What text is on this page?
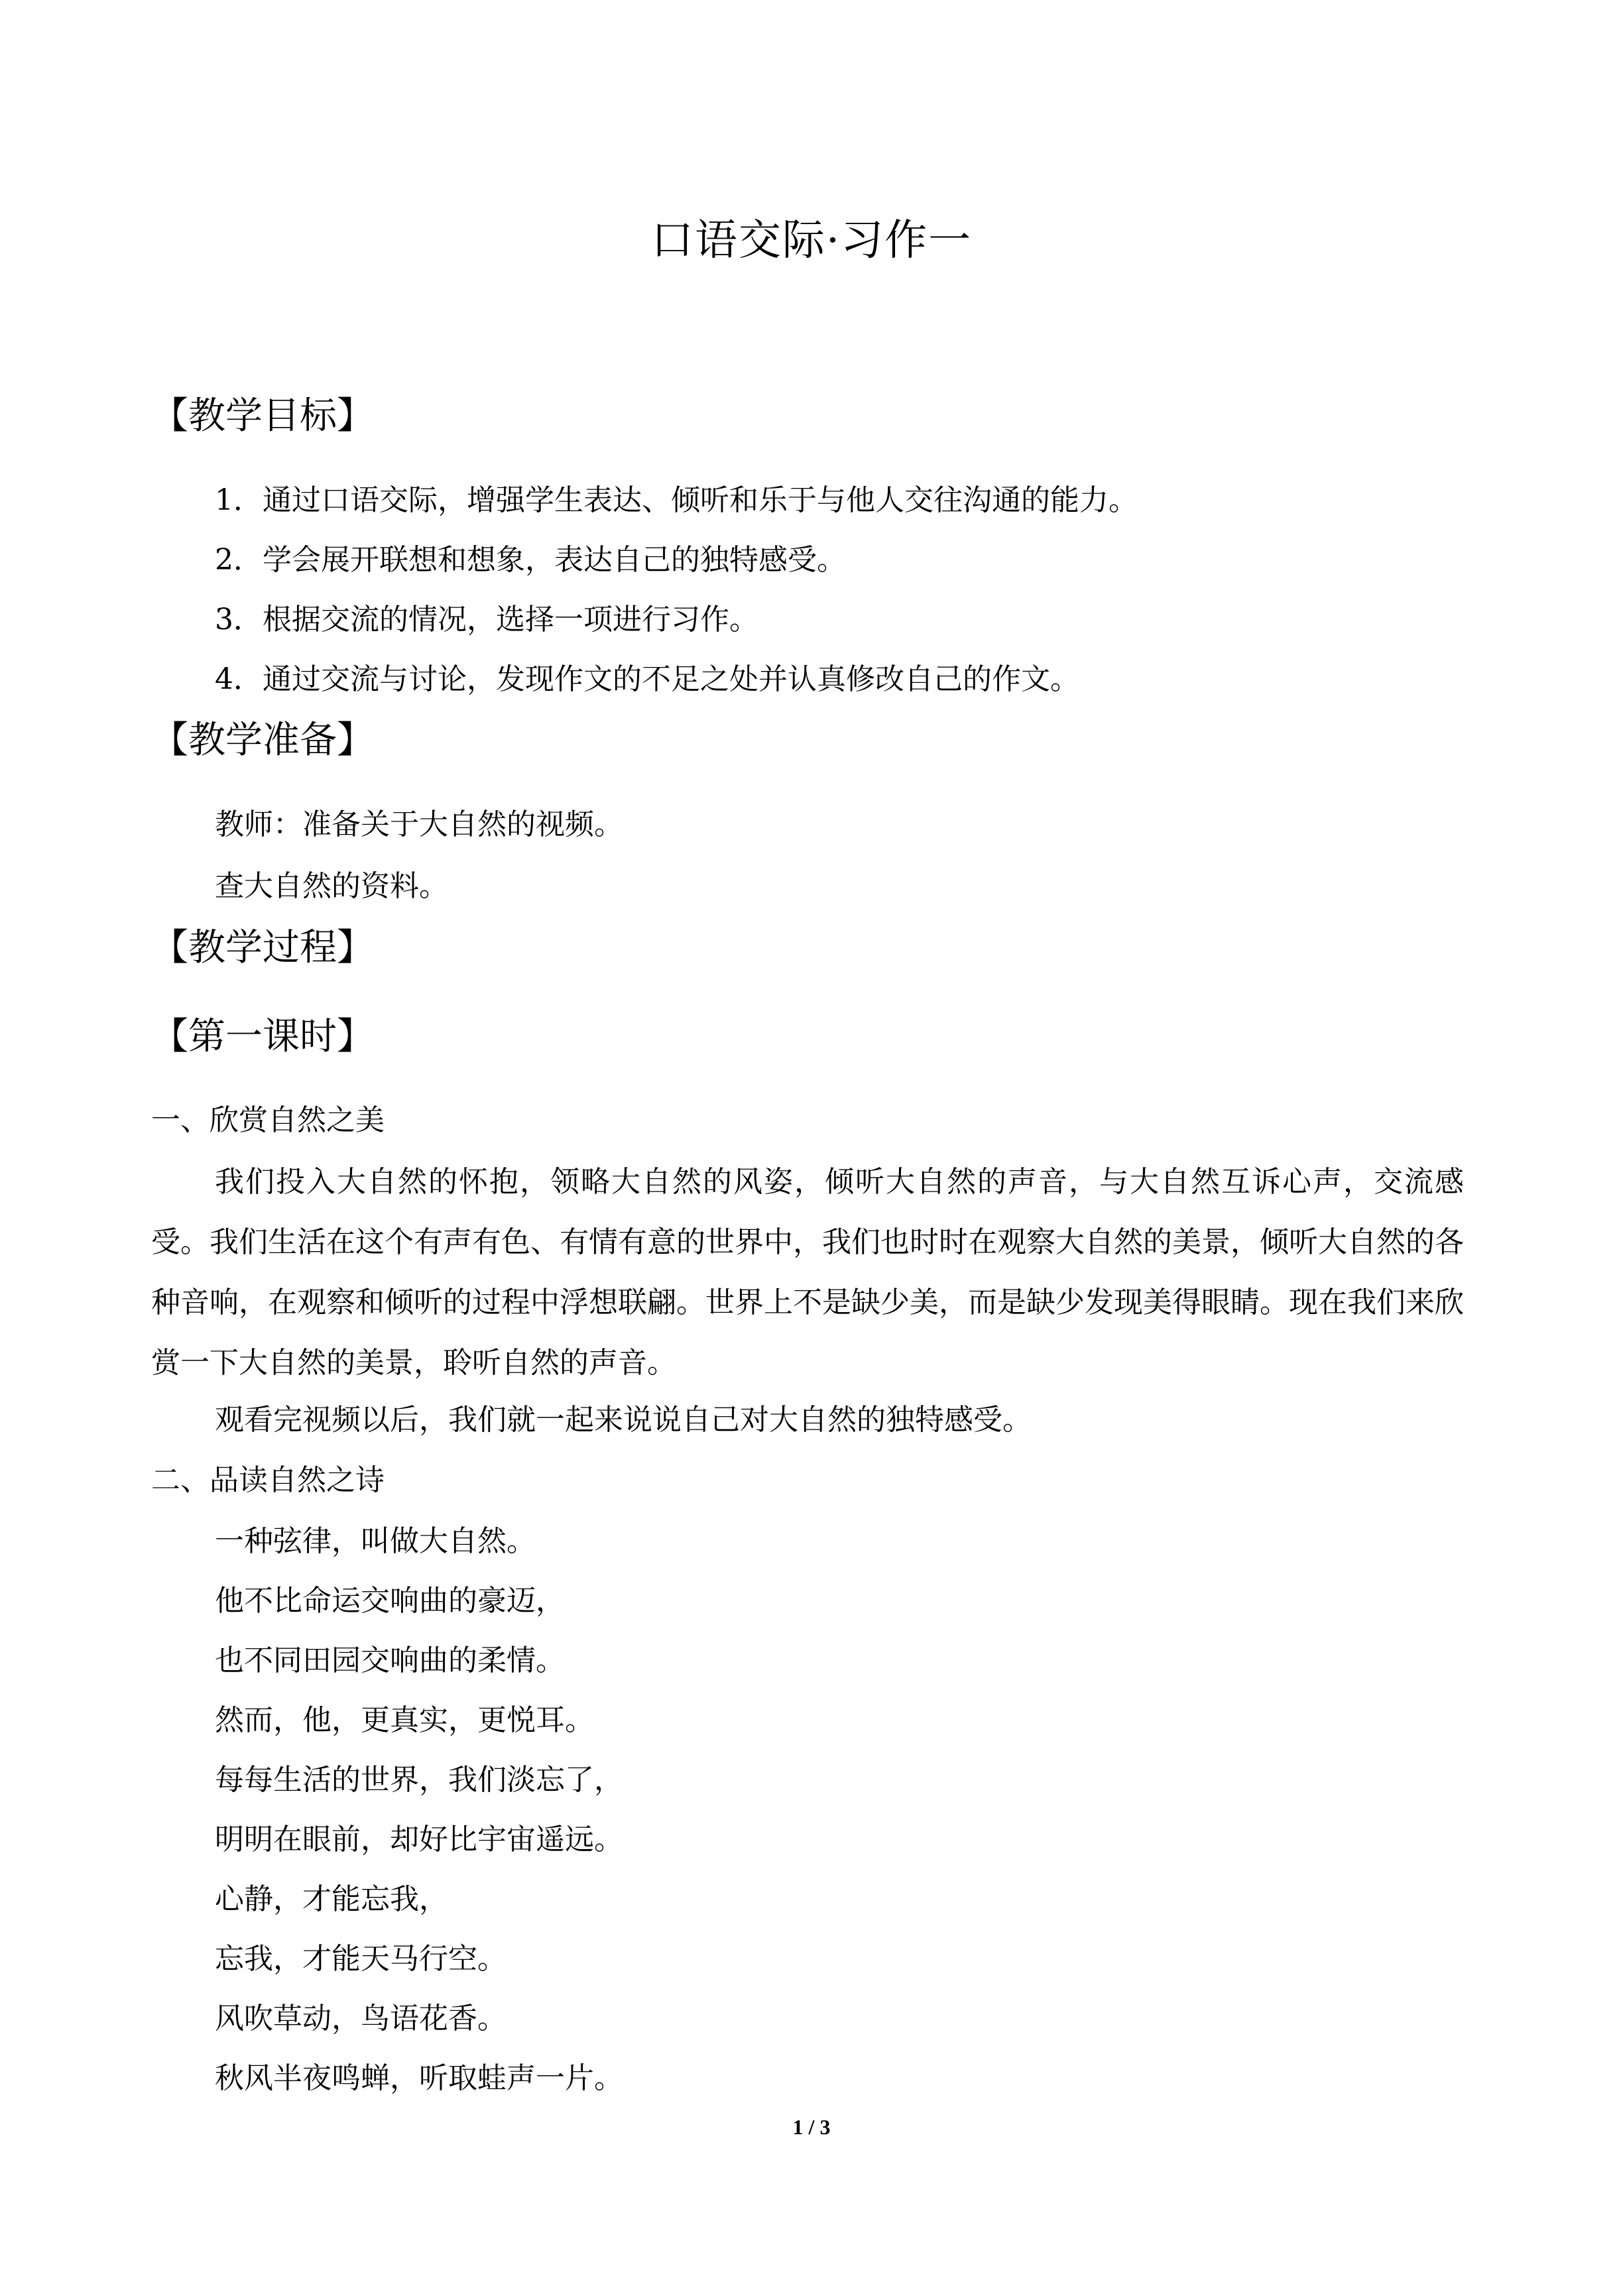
口语交际·习作一
【教学目标】
1．通过口语交际，增强学生表达、倾听和乐于与他人交往沟通的能力。
2．学会展开联想和想象，表达自己的独特感受。
3．根据交流的情况，选择一项进行习作。
4．通过交流与讨论，发现作文的不足之处并认真修改自己的作文。
【教学准备】
教师：准备关于大自然的视频。
查大自然的资料。
【教学过程】
【第一课时】
一、欣赏自然之美
我们投入大自然的怀抱，领略大自然的风姿，倾听大自然的声音，与大自然互诉心声，交流感受。我们生活在这个有声有色、有情有意的世界中，我们也时时在观察大自然的美景，倾听大自然的各种音响，在观察和倾听的过程中浮想联翩。世界上不是缺少美，而是缺少发现美得眼睛。现在我们来欣赏一下大自然的美景，聆听自然的声音。
观看完视频以后，我们就一起来说说自己对大自然的独特感受。
二、品读自然之诗
一种弦律，叫做大自然。
他不比命运交响曲的豪迈，
也不同田园交响曲的柔情。
然而，他，更真实，更悦耳。
每每生活的世界，我们淡忘了，
明明在眼前，却好比宇宙遥远。
心静，才能忘我，
忘我，才能天马行空。
风吹草动，鸟语花香。
秋风半夜鸣蝉，听取蛙声一片。
1 / 3
